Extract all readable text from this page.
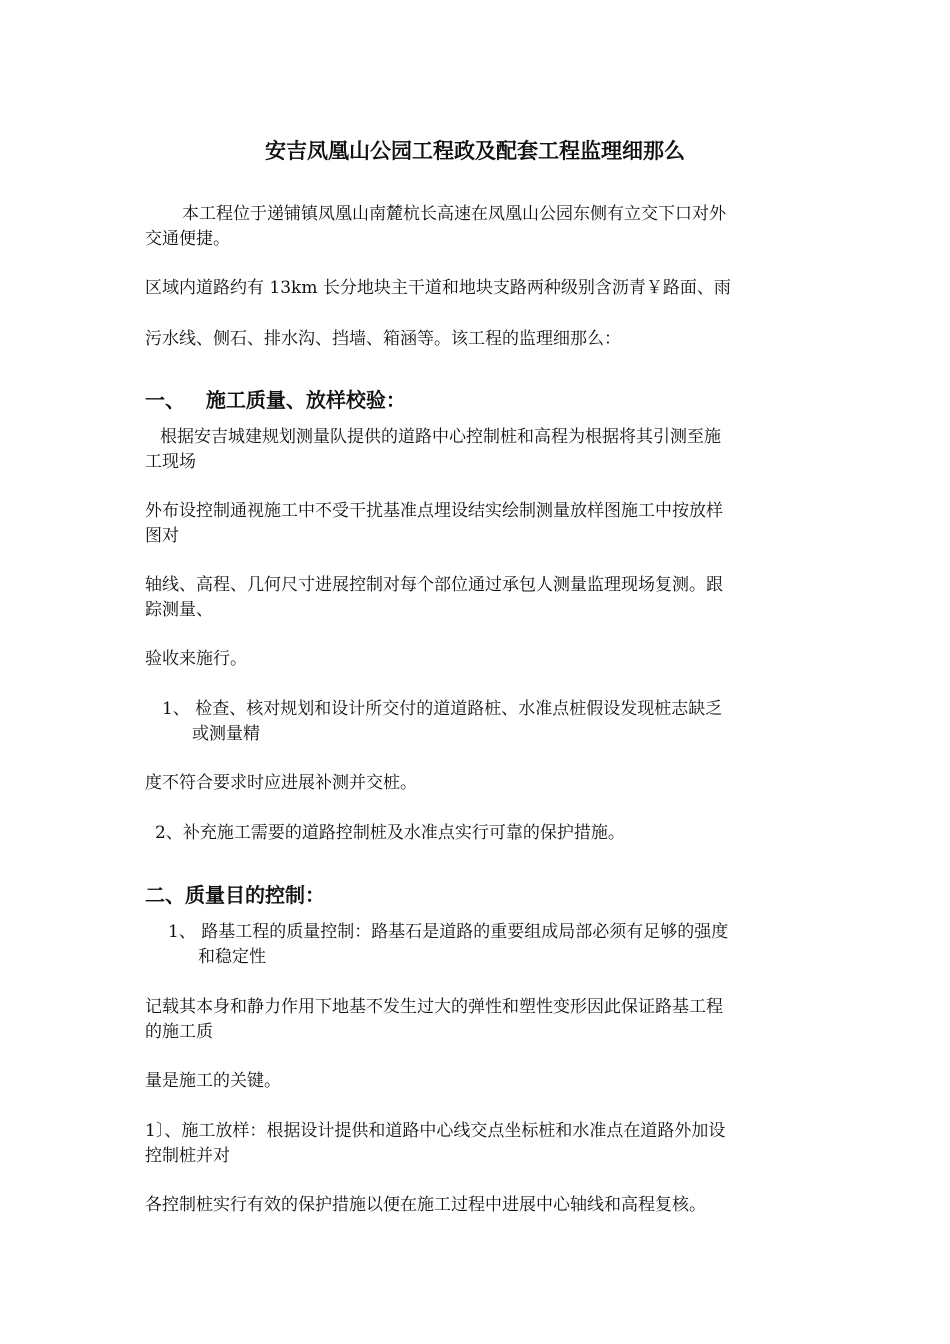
安吉凤凰山公园工程政及配套工程监理细那么
本工程位于递铺镇凤凰山南麓杭长高速在凤凰山公园东侧有立交下口对外
交通便捷。
区域内道路约有 13km 长分地块主干道和地块支路两种级别含沥青￥路面、雨
污水线、侧石、排水沟、挡墙、箱涵等。该工程的监理细那么：
一、   施工质量、放样校验：
根据安吉城建规划测量队提供的道路中心控制桩和高程为根据将其引测至施
工现场
外布设控制通视施工中不受干扰基准点埋设结实绘制测量放样图施工中按放样
图对
轴线、高程、几何尺寸进展控制对每个部位通过承包人测量监理现场复测。跟
踪测量、
验收来施行。
1、 检查、核对规划和设计所交付的道道路桩、水准点桩假设发现桩志缺乏
或测量精
度不符合要求时应进展补测并交桩。
2、补充施工需要的道路控制桩及水准点实行可靠的保护措施。
二、质量目的控制：
1、 路基工程的质量控制：路基石是道路的重要组成局部必须有足够的强度
和稳定性
记载其本身和静力作用下地基不发生过大的弹性和塑性变形因此保证路基工程
的施工质
量是施工的关键。
1〕、施工放样：根据设计提供和道路中心线交点坐标桩和水准点在道路外加设
控制桩并对
各控制桩实行有效的保护措施以便在施工过程中进展中心轴线和高程复核。
